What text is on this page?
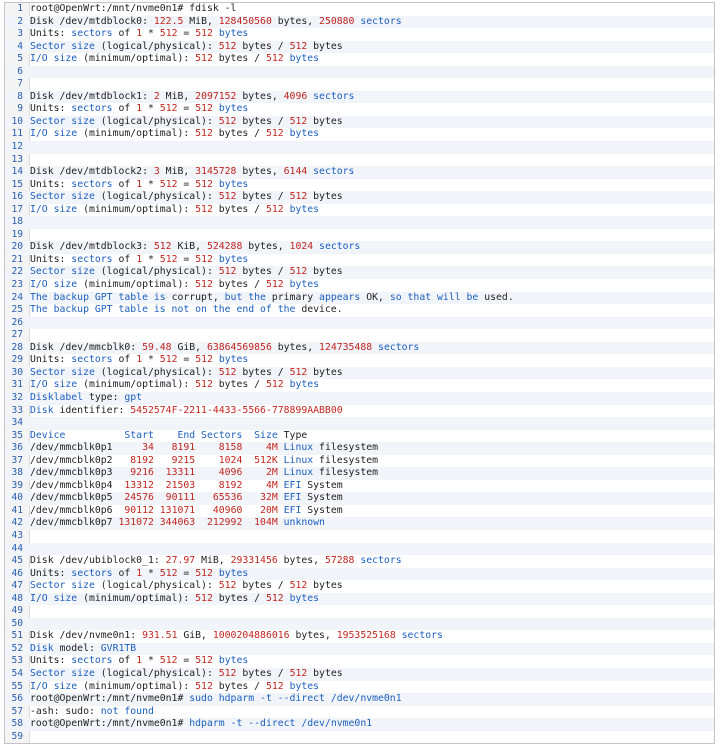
1 root@OpenWrt:/mnt/nvme0n1# fdisk -l
2 Disk /dev/mtdblock0: 122.5 MiB, 128450560 bytes, 250880 sectors
3 Units: sectors of 1 * 512 = 512 bytes
4 Sector size (logical/physical): 512 bytes / 512 bytes
5 I/O size (minimum/optimal): 512 bytes / 512 bytes
6
7
8 Disk /dev/mtdblock1: 2 MiB, 2097152 bytes, 4096 sectors
9 Units: sectors of 1 * 512 = 512 bytes
10 Sector size (logical/physical): 512 bytes / 512 bytes
11 I/O size (minimum/optimal): 512 bytes / 512 bytes
12
13
14 Disk /dev/mtdblock2: 3 MiB, 3145728 bytes, 6144 sectors
15 Units: sectors of 1 * 512 = 512 bytes
16 Sector size (logical/physical): 512 bytes / 512 bytes
17 I/O size (minimum/optimal): 512 bytes / 512 bytes
18
19
20 Disk /dev/mtdblock3: 512 KiB, 524288 bytes, 1024 sectors
21 Units: sectors of 1 * 512 = 512 bytes
22 Sector size (logical/physical): 512 bytes / 512 bytes
23 I/O size (minimum/optimal): 512 bytes / 512 bytes
24 The backup GPT table is corrupt, but the primary appears OK, so that will be used.
25 The backup GPT table is not on the end of the device.
26
27
28 Disk /dev/mmcblk0: 59.48 GiB, 63864569856 bytes, 124735488 sectors
29 Units: sectors of 1 * 512 = 512 bytes
30 Sector size (logical/physical): 512 bytes / 512 bytes
31 I/O size (minimum/optimal): 512 bytes / 512 bytes
32 Disklabel type: gpt
33 Disk identifier: 5452574F-2211-4433-5566-778899AABB00
34
35 Device	Start End Sectors Size Type
36 /dev/mmcblk0p1     34 8191 8158 4M Linux filesystem
37 /dev/mmcblk0p2   8192 9215 1024 512K Linux filesystem
38 /dev/mmcblk0p3   9216 13311 4096 2M Linux filesystem
39 /dev/mmcblk0p4  13312 21503 8192 4M EFI System
40 /dev/mmcblk0p5  24576 90111 65536 32M EFI System
41 /dev/mmcblk0p6  90112 131071 40960 20M EFI System
42 /dev/mmcblk0p7 131072 344063 212992 104M unknown
43
44
45 Disk /dev/ubiblock0_1: 27.97 MiB, 29331456 bytes, 57288 sectors
46 Units: sectors of 1 * 512 = 512 bytes
47 Sector size (logical/physical): 512 bytes / 512 bytes
48 I/O size (minimum/optimal): 512 bytes / 512 bytes
49
50
51 Disk /dev/nvme0n1: 931.51 GiB, 1000204886016 bytes, 1953525168 sectors
52 Disk model: GVR1TB
53 Units: sectors of 1 * 512 = 512 bytes
54 Sector size (logical/physical): 512 bytes / 512 bytes
55 I/O size (minimum/optimal): 512 bytes / 512 bytes
56 root@OpenWrt:/mnt/nvme0n1# sudo hdparm -t --direct /dev/nvme0n1
57 -ash: sudo: not found
58 root@OpenWrt:/mnt/nvme0n1# hdparm -t --direct /dev/nvme0n1
59
